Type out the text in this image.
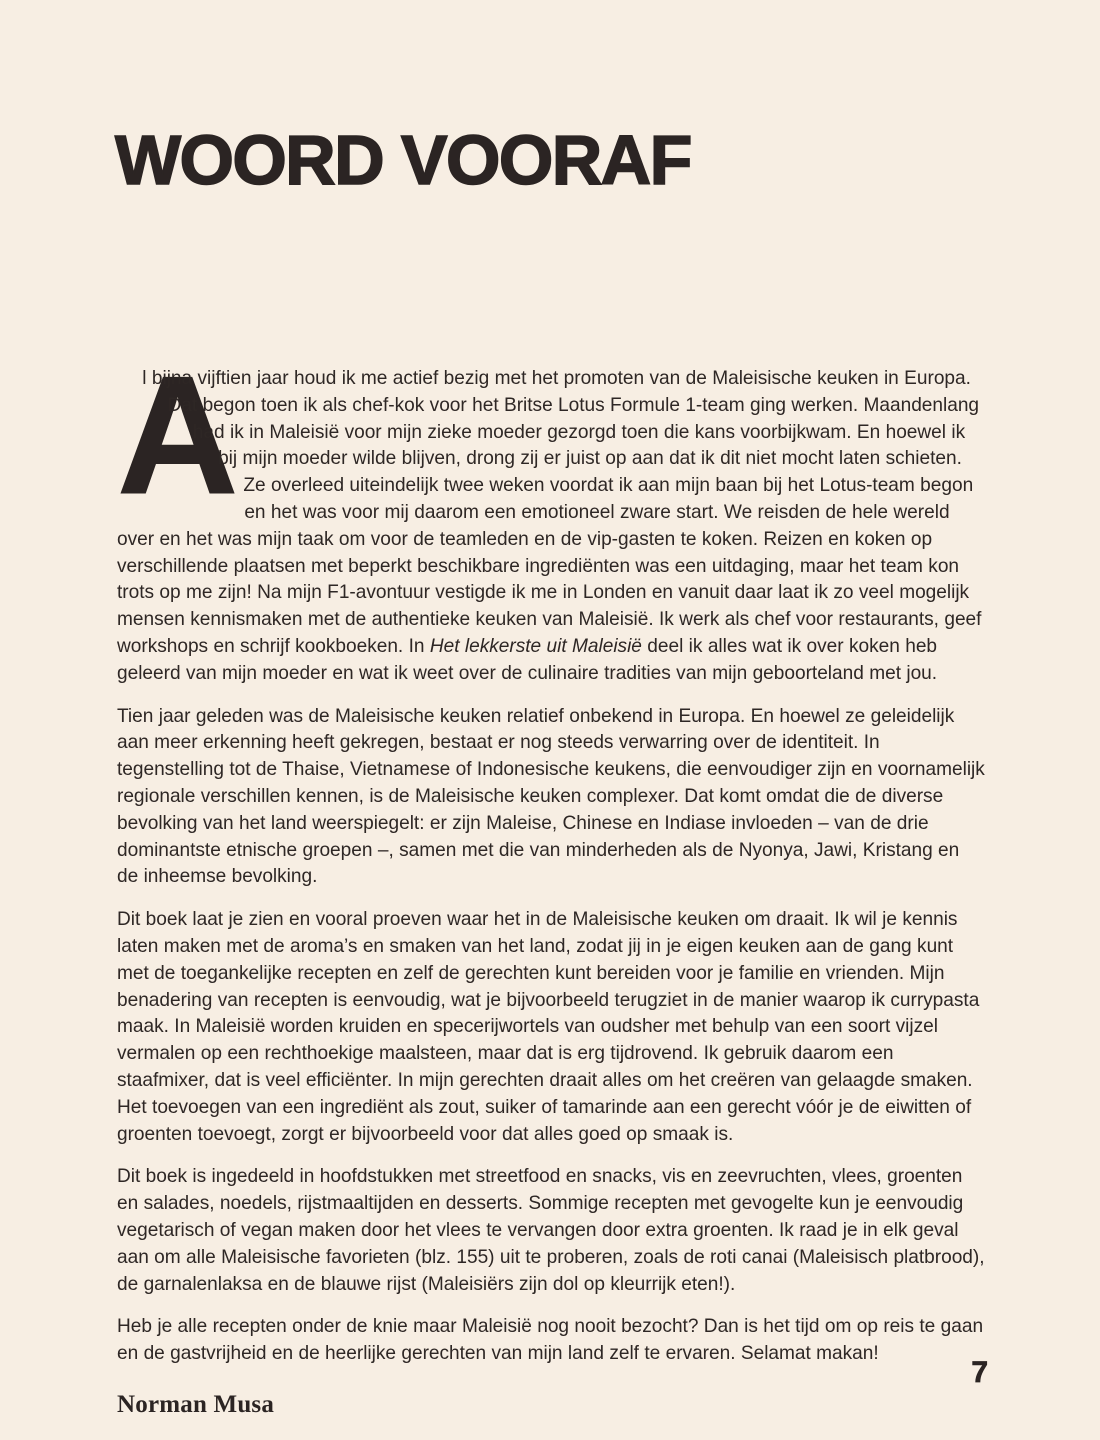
WOORD VOORAF

A
l bijna vijftien jaar houd ik me actief bezig met het promoten van de Maleisische keuken in Europa. Dat begon toen ik als chef-kok voor het Britse Lotus Formule 1-team ging werken. Maandenlang had ik in Maleisië voor mijn zieke moeder gezorgd toen die kans voorbijkwam. En hoewel ik bij mijn moeder wilde blijven, drong zij er juist op aan dat ik dit niet mocht laten schieten. Ze overleed uiteindelijk twee weken voordat ik aan mijn baan bij het Lotus-team begon en het was voor mij daarom een emotioneel zware start. We reisden de hele wereld over en het was mijn taak om voor de teamleden en de vip-gasten te koken. Reizen en koken op verschillende plaatsen met beperkt beschikbare ingrediënten was een uitdaging, maar het team kon trots op me zijn! Na mijn F1-avontuur vestigde ik me in Londen en vanuit daar laat ik zo veel mogelijk mensen kennismaken met de authentieke keuken van Maleisië. Ik werk als chef voor restaurants, geef workshops en schrijf kookboeken. In Het lekkerste uit Maleisië deel ik alles wat ik over koken heb geleerd van mijn moeder en wat ik weet over de culinaire tradities van mijn geboorteland met jou.

Tien jaar geleden was de Maleisische keuken relatief onbekend in Europa. En hoewel ze geleidelijk aan meer erkenning heeft gekregen, bestaat er nog steeds verwarring over de identiteit. In tegenstelling tot de Thaise, Vietnamese of Indonesische keukens, die eenvoudiger zijn en voornamelijk regionale verschillen kennen, is de Maleisische keuken complexer. Dat komt omdat die de diverse bevolking van het land weerspiegelt: er zijn Maleise, Chinese en Indiase invloeden – van de drie dominantste etnische groepen –, samen met die van minderheden als de Nyonya, Jawi, Kristang en de inheemse bevolking.

Dit boek laat je zien en vooral proeven waar het in de Maleisische keuken om draait. Ik wil je kennis laten maken met de aroma’s en smaken van het land, zodat jij in je eigen keuken aan de gang kunt met de toegankelijke recepten en zelf de gerechten kunt bereiden voor je familie en vrienden. Mijn benadering van recepten is eenvoudig, wat je bijvoorbeeld terugziet in de manier waarop ik currypasta maak. In Maleisië worden kruiden en specerijwortels van oudsher met behulp van een soort vijzel vermalen op een rechthoekige maalsteen, maar dat is erg tijdrovend. Ik gebruik daarom een staafmixer, dat is veel efficiënter. In mijn gerechten draait alles om het creëren van gelaagde smaken. Het toevoegen van een ingrediënt als zout, suiker of tamarinde aan een gerecht vóór je de eiwitten of groenten toevoegt, zorgt er bijvoorbeeld voor dat alles goed op smaak is.

Dit boek is ingedeeld in hoofdstukken met streetfood en snacks, vis en zeevruchten, vlees, groenten en salades, noedels, rijstmaaltijden en desserts. Sommige recepten met gevogelte kun je eenvoudig vegetarisch of vegan maken door het vlees te vervangen door extra groenten. Ik raad je in elk geval aan om alle Maleisische favorieten (blz. 155) uit te proberen, zoals de roti canai (Maleisisch platbrood), de garnalenlaksa en de blauwe rijst (Maleisiërs zijn dol op kleurrijk eten!).

Heb je alle recepten onder de knie maar Maleisië nog nooit bezocht? Dan is het tijd om op reis te gaan en de gastvrijheid en de heerlijke gerechten van mijn land zelf te ervaren. Selamat makan!

Norman Musa

7
